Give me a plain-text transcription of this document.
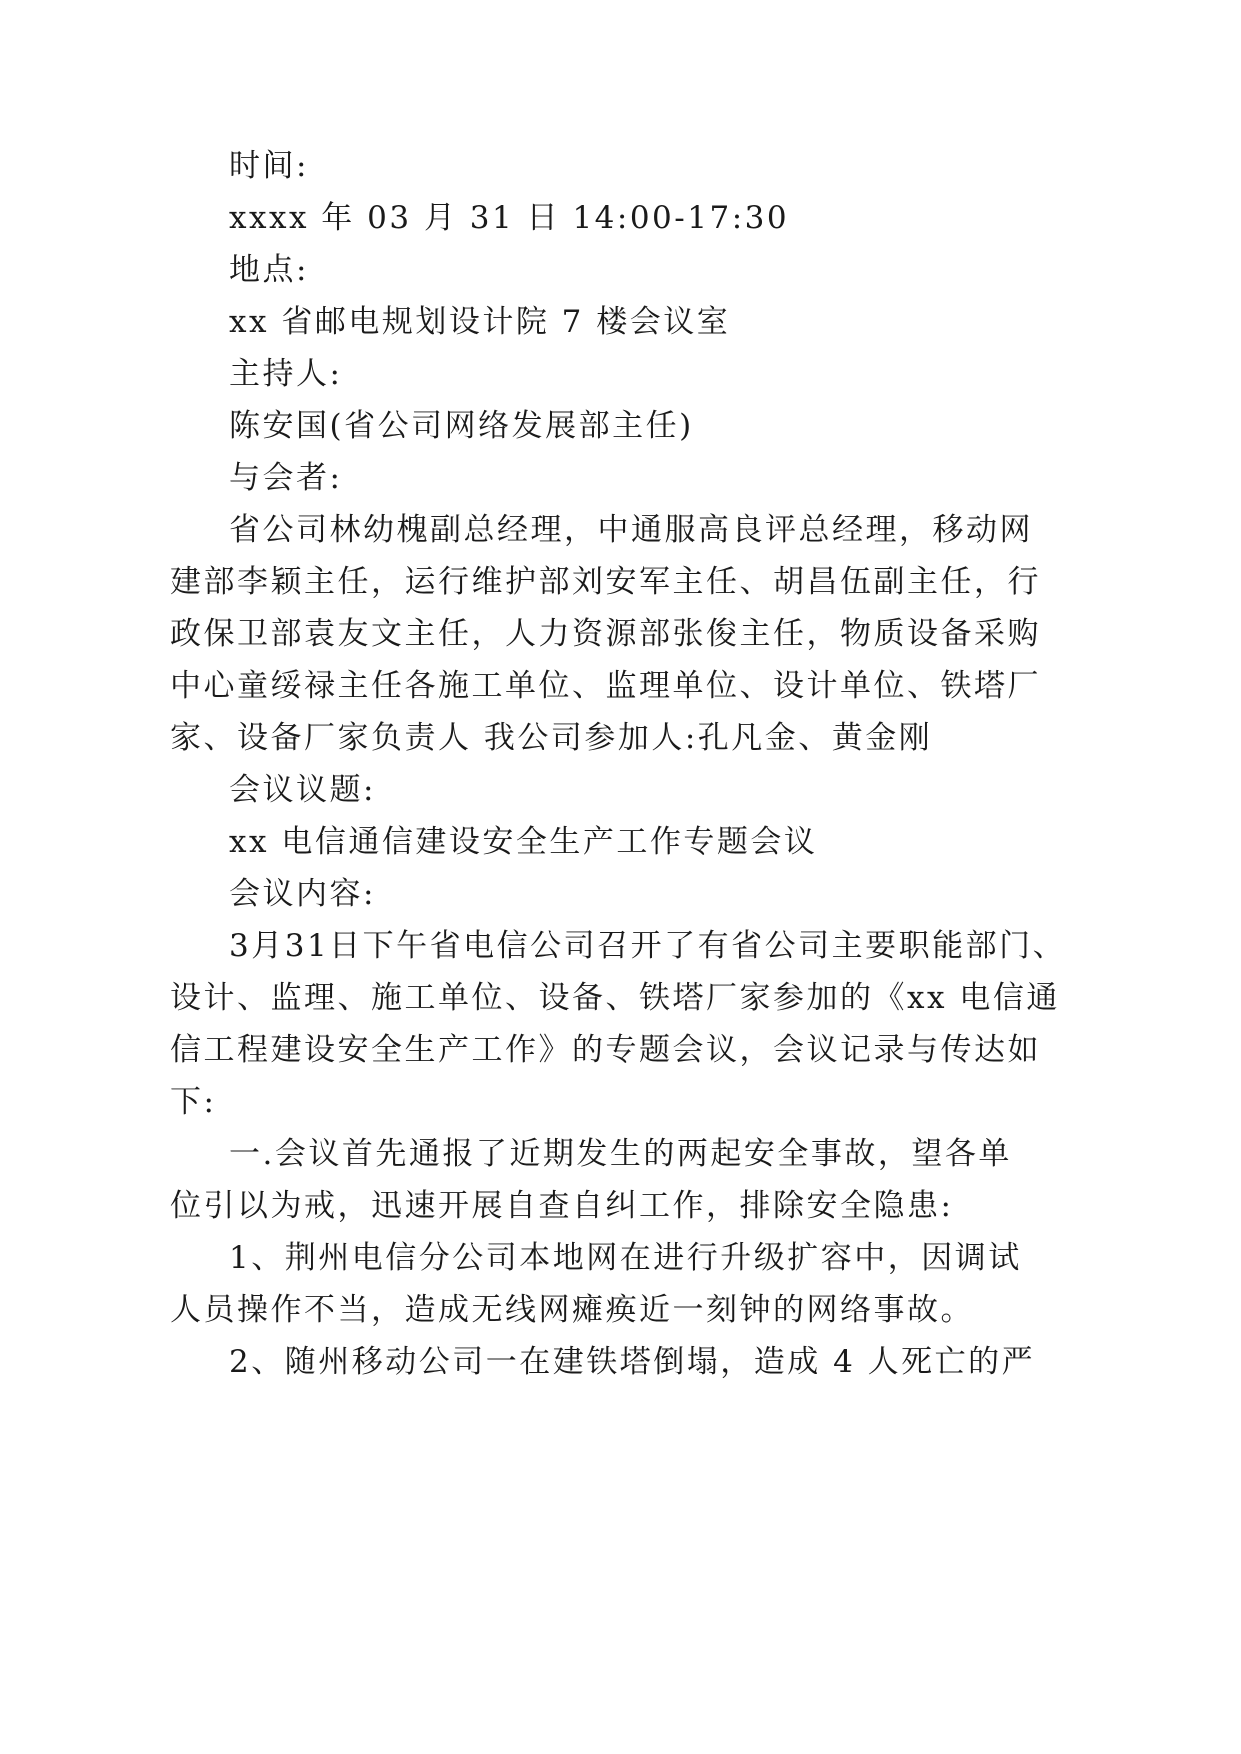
时间:
xxxx 年 03 月 31 日 14:00-17:30
地点:
xx 省邮电规划设计院 7 楼会议室
主持人:
陈安国(省公司网络发展部主任)
与会者:
省公司林幼槐副总经理，中通服高良评总经理，移动网
建部李颖主任，运行维护部刘安军主任、胡昌伍副主任，行
政保卫部袁友文主任，人力资源部张俊主任，物质设备采购
中心童绥禄主任各施工单位、监理单位、设计单位、铁塔厂
家、设备厂家负责人 我公司参加人:孔凡金、黄金刚
会议议题:
xx 电信通信建设安全生产工作专题会议
会议内容:
3月31日下午省电信公司召开了有省公司主要职能部门、
设计、监理、施工单位、设备、铁塔厂家参加的《xx 电信通
信工程建设安全生产工作》的专题会议，会议记录与传达如
下:
一.会议首先通报了近期发生的两起安全事故，望各单
位引以为戒，迅速开展自查自纠工作，排除安全隐患:
1、荆州电信分公司本地网在进行升级扩容中，因调试
人员操作不当，造成无线网瘫痪近一刻钟的网络事故。
2、随州移动公司一在建铁塔倒塌，造成 4 人死亡的严
